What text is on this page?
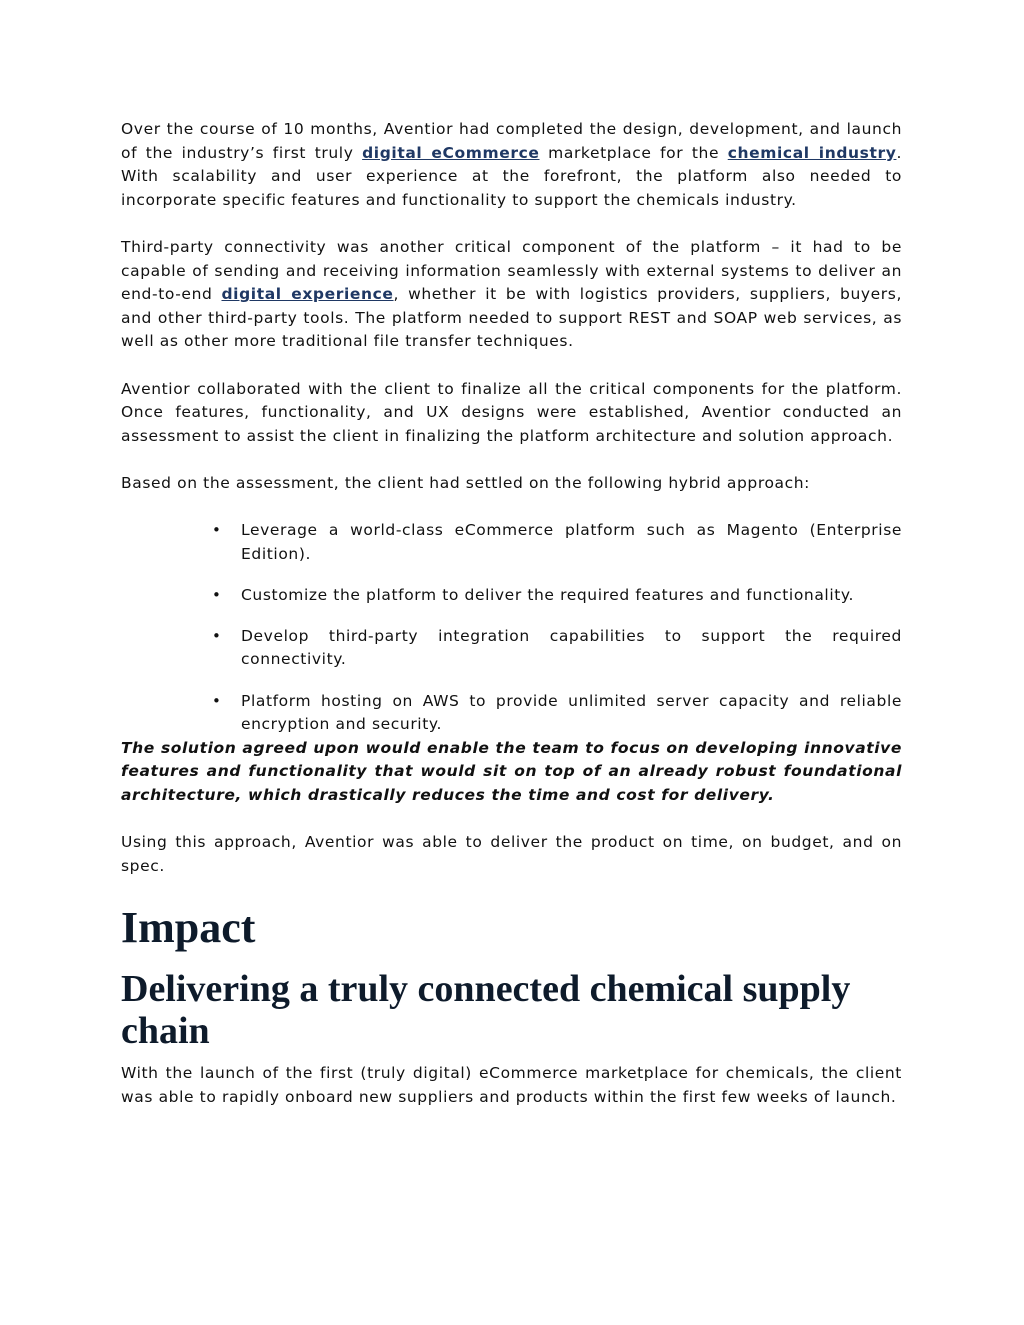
Over the course of 10 months, Aventior had completed the design, development, and launch of the industry’s first truly digital eCommerce marketplace for the chemical industry. With scalability and user experience at the forefront, the platform also needed to incorporate specific features and functionality to support the chemicals industry.

Third-party connectivity was another critical component of the platform – it had to be capable of sending and receiving information seamlessly with external systems to deliver an end-to-end digital experience, whether it be with logistics providers, suppliers, buyers, and other third-party tools. The platform needed to support REST and SOAP web services, as well as other more traditional file transfer techniques.

Aventior collaborated with the client to finalize all the critical components for the platform. Once features, functionality, and UX designs were established, Aventior conducted an assessment to assist the client in finalizing the platform architecture and solution approach.

Based on the assessment, the client had settled on the following hybrid approach:

• Leverage a world-class eCommerce platform such as Magento (Enterprise Edition).
• Customize the platform to deliver the required features and functionality.
• Develop third-party integration capabilities to support the required connectivity.
• Platform hosting on AWS to provide unlimited server capacity and reliable encryption and security.

The solution agreed upon would enable the team to focus on developing innovative features and functionality that would sit on top of an already robust foundational architecture, which drastically reduces the time and cost for delivery.

Using this approach, Aventior was able to deliver the product on time, on budget, and on spec.

Impact
Delivering a truly connected chemical supply chain

With the launch of the first (truly digital) eCommerce marketplace for chemicals, the client was able to rapidly onboard new suppliers and products within the first few weeks of launch.
